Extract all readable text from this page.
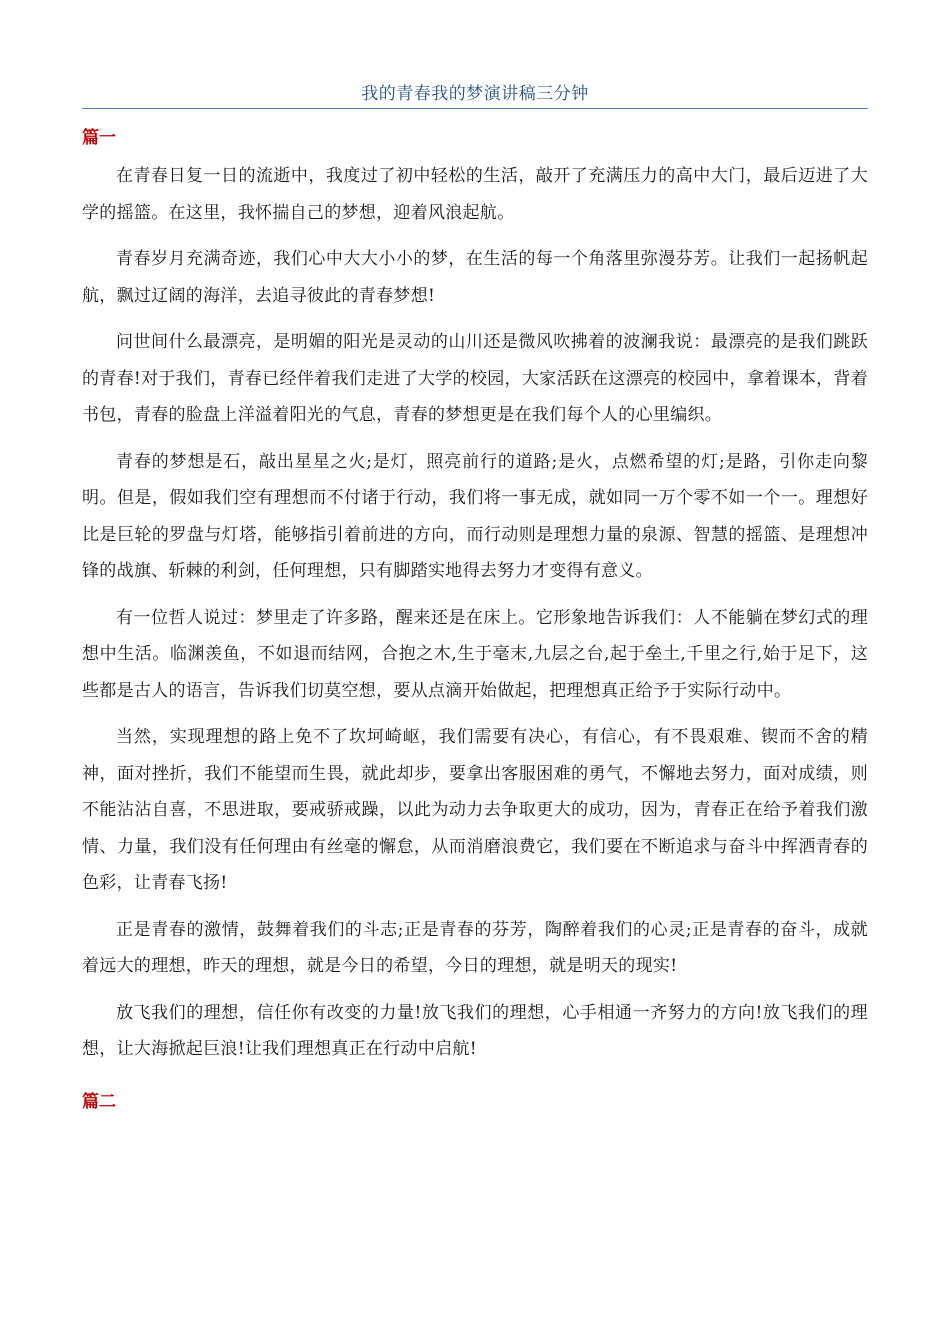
我的青春我的梦演讲稿三分钟
篇一

在青春日复一日的流逝中，我度过了初中轻松的生活，敲开了充满压力的高中大门，最后迈进了大学的摇篮。在这里，我怀揣自己的梦想，迎着风浪起航。

青春岁月充满奇迹，我们心中大大小小的梦，在生活的每一个角落里弥漫芬芳。让我们一起扬帆起航，飘过辽阔的海洋，去追寻彼此的青春梦想!

问世间什么最漂亮，是明媚的阳光是灵动的山川还是微风吹拂着的波澜我说：最漂亮的是我们跳跃的青春!对于我们，青春已经伴着我们走进了大学的校园，大家活跃在这漂亮的校园中，拿着课本，背着书包，青春的脸盘上洋溢着阳光的气息，青春的梦想更是在我们每个人的心里编织。

青春的梦想是石，敲出星星之火;是灯，照亮前行的道路;是火，点燃希望的灯;是路，引你走向黎明。但是，假如我们空有理想而不付诸于行动，我们将一事无成，就如同一万个零不如一个一。理想好比是巨轮的罗盘与灯塔，能够指引着前进的方向，而行动则是理想力量的泉源、智慧的摇篮、是理想冲锋的战旗、斩棘的利剑，任何理想，只有脚踏实地得去努力才变得有意义。

有一位哲人说过：梦里走了许多路，醒来还是在床上。它形象地告诉我们：人不能躺在梦幻式的理想中生活。临渊羡鱼，不如退而结网，合抱之木,生于毫末,九层之台,起于垒土,千里之行,始于足下，这些都是古人的语言，告诉我们切莫空想，要从点滴开始做起，把理想真正给予于实际行动中。

当然，实现理想的路上免不了坎坷崎岖，我们需要有决心，有信心，有不畏艰难、锲而不舍的精神，面对挫折，我们不能望而生畏，就此却步，要拿出客服困难的勇气，不懈地去努力，面对成绩，则不能沾沾自喜，不思进取，要戒骄戒躁，以此为动力去争取更大的成功，因为，青春正在给予着我们激情、力量，我们没有任何理由有丝毫的懈怠，从而消磨浪费它，我们要在不断追求与奋斗中挥洒青春的色彩，让青春飞扬!

正是青春的激情，鼓舞着我们的斗志;正是青春的芬芳，陶醉着我们的心灵;正是青春的奋斗，成就着远大的理想，昨天的理想，就是今日的希望，今日的理想，就是明天的现实!

放飞我们的理想，信任你有改变的力量!放飞我们的理想，心手相通一齐努力的方向!放飞我们的理想，让大海掀起巨浪!让我们理想真正在行动中启航!

篇二
